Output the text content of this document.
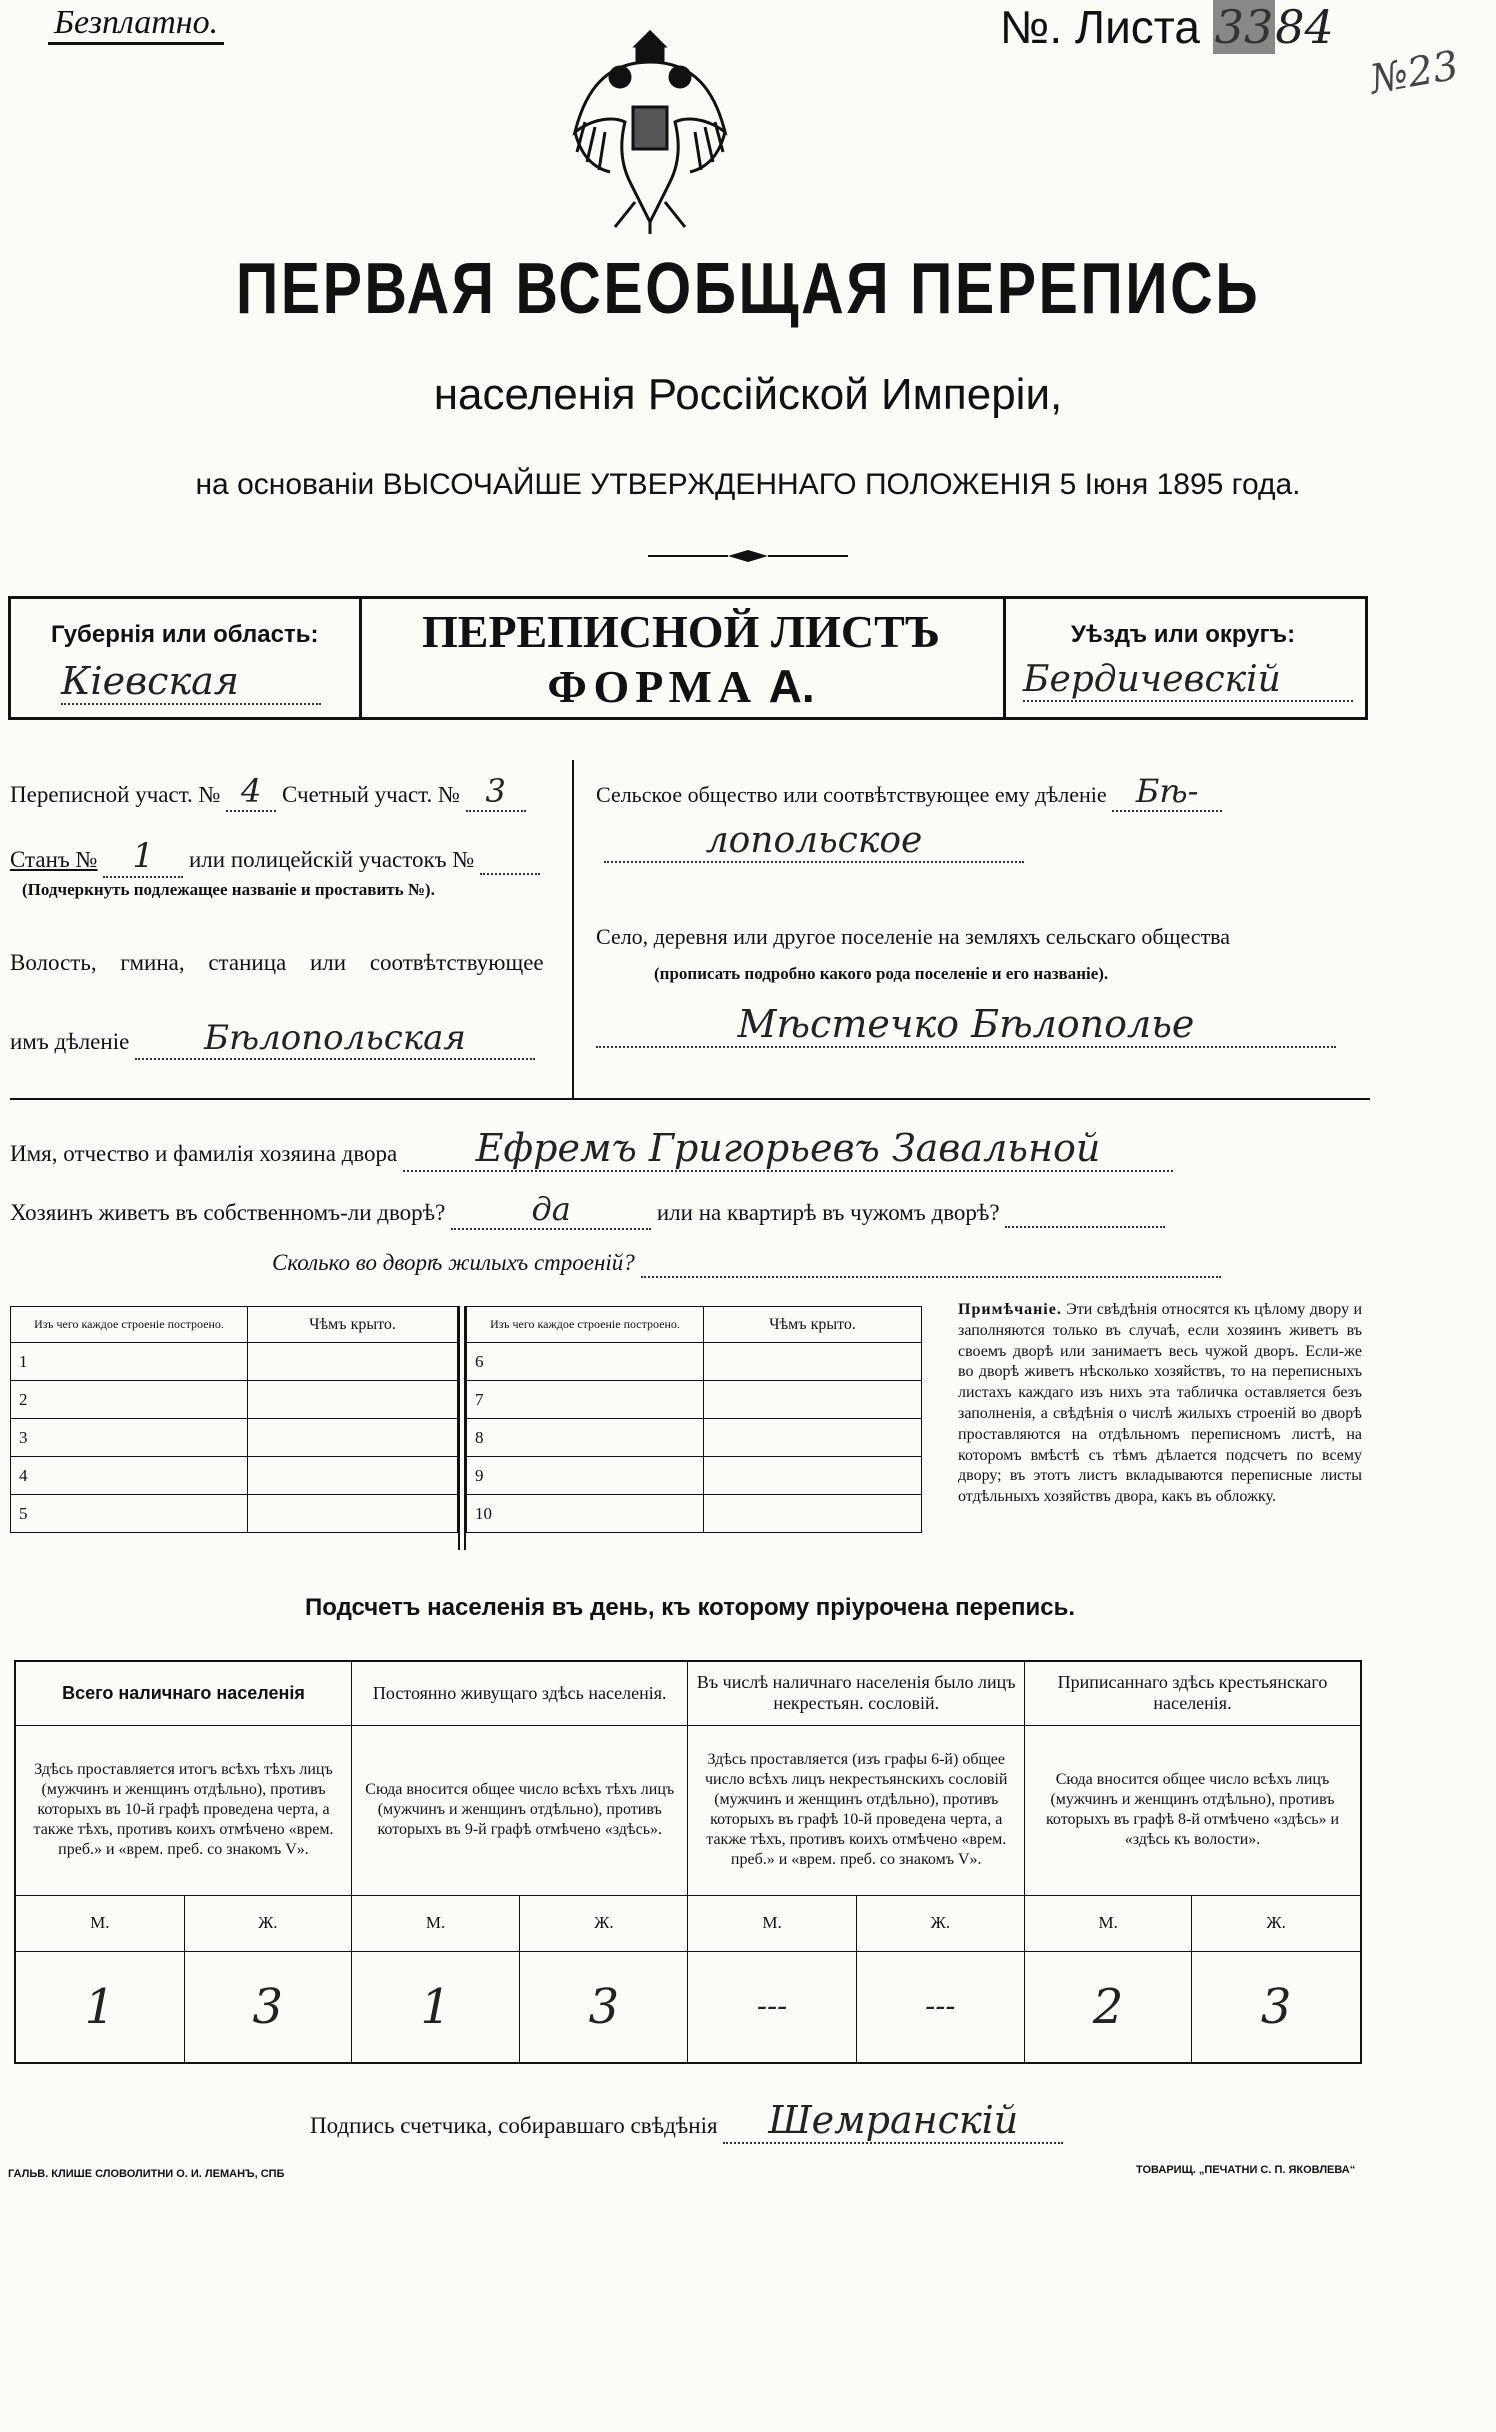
Безплатно.	№. Листа 3384
№23
ПЕРВАЯ ВСЕОБЩАЯ ПЕРЕПИСЬ
населенія Россійской Имперіи,
на основаніи ВЫСОЧАЙШЕ УТВЕРЖДЕННАГО ПОЛОЖЕНІЯ 5 Іюня 1895 года.
Губернія или область:
Кіевская
ПЕРЕПИСНОЙ ЛИСТЪ
ФОРМА А.
Уѣздъ или округъ:
Бердичевскій
Переписной участ. № 4 Счетный участ. № 3
Станъ № 1 или полицейскій участокъ №
(Подчеркнуть подлежащее названіе и проставить №).
Волость, гмина, станица или соотвѣтствующее
имъ дѣленіе Бѣлопольская
Сельское общество или соотвѣтствующее ему дѣленіе Бѣ-
лопольское
Село, деревня или другое поселеніе на земляхъ сельскаго общества
(прописать подробно какого рода поселеніе и его названіе).
Мѣстечко Бѣлополье
Имя, отчество и фамилія хозяина двора Ефремъ Григорьевъ Завальной
Хозяинъ живетъ въ собственномъ-ли дворѣ?	да	или на квартирѣ въ чужомъ дворѣ?
Сколько во дворѣ жилыхъ строеній?
Изъ чего каждое строеніе построено.	Чѣмъ крыто.
1	
2	
3	
4	
5	
Изъ чего каждое строеніе построено.	Чѣмъ крыто.
6	
7	
8	
9	
10	
Примѣчаніе. Эти свѣдѣнія относятся къ цѣлому двору и заполняются только въ случаѣ, если хозяинъ живетъ въ своемъ дворѣ или занимаетъ весь чужой дворъ. Если-же во дворѣ живетъ нѣсколько хозяйствъ, то на переписныхъ листахъ каждаго изъ нихъ эта табличка оставляется безъ заполненія, а свѣдѣнія о числѣ жилыхъ строеній во дворѣ проставляются на отдѣльномъ переписномъ листѣ, на которомъ вмѣстѣ съ тѣмъ дѣлается подсчетъ по всему двору; въ этотъ листъ вкладываются переписные листы отдѣльныхъ хозяйствъ двора, какъ въ обложку.
Подсчетъ населенія въ день, къ которому пріурочена перепись.
Всего наличнаго населенія		Постоянно живущаго здѣсь населенія.		Въ числѣ наличнаго населенія было лицъ некрестьян. сословій.		Приписаннаго здѣсь крестьянскаго населенія.	
Здѣсь проставляется итогъ всѣхъ тѣхъ лицъ (мужчинъ и женщинъ отдѣльно), противъ которыхъ въ 10-й графѣ проведена черта, а также тѣхъ, противъ коихъ отмѣчено «врем. преб.» и «врем. преб. со знакомъ V».		Сюда вносится общее число всѣхъ тѣхъ лицъ (мужчинъ и женщинъ отдѣльно), противъ которыхъ въ 9-й графѣ отмѣчено «здѣсь».		Здѣсь проставляется (изъ графы 6-й) общее число всѣхъ лицъ некрестьянскихъ сословій (мужчинъ и женщинъ отдѣльно), противъ которыхъ въ графѣ 10-й проведена черта, а также тѣхъ, противъ коихъ отмѣчено «врем. преб.» и «врем. преб. со знакомъ V».		Сюда вносится общее число всѣхъ лицъ (мужчинъ и женщинъ отдѣльно), противъ которыхъ въ графѣ 8-й отмѣчено «здѣсь» и «здѣсь къ волости».	
М.	Ж.	М.	Ж.	М.	Ж.	М.	Ж.
1	3	1	3	---	---	2	3
Подпись счетчика, собиравшаго свѣдѣнія Шемранскій
ГАЛЬВ. КЛИШЕ СЛОВОЛИТНИ О. И. ЛЕМАНЪ, СПБ	ТОВАРИЩ. „ПЕЧАТНИ С. П. ЯКОВЛЕВА“
